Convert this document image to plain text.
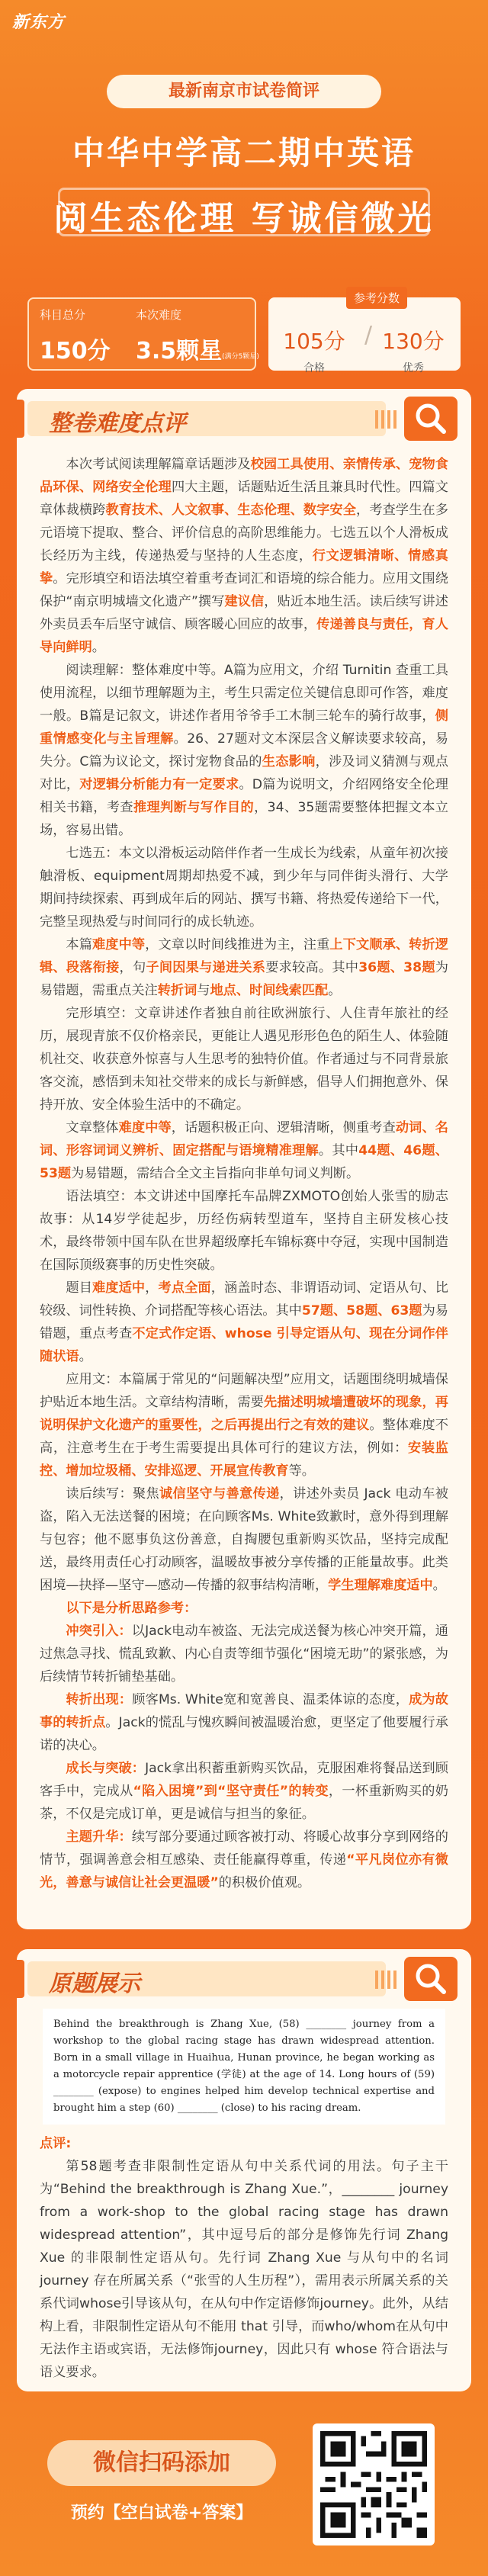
新东方
最新南京市试卷简评
中华中学高二期中英语
阅生态伦理 写诚信微光
科目总分
150分
本次难度
3.5颗星(满分5颗星)
105分
合格
130分
优秀
/
参考分数
整卷难度点评

本次考试阅读理解篇章话题涉及校园工具使用、亲情传承、宠物食品环保、网络安全伦理四大主题，话题贴近生活且兼具时代性。四篇文章体裁横跨教育技术、人文叙事、生态伦理、数字安全，考查学生在多元语境下提取、整合、评价信息的高阶思维能力。七选五以个人滑板成长经历为主线，传递热爱与坚持的人生态度，行文逻辑清晰、情感真挚。完形填空和语法填空着重考查词汇和语境的综合能力。应用文围绕保护“南京明城墙文化遗产”撰写建议信，贴近本地生活。读后续写讲述外卖员丢车后坚守诚信、顾客暖心回应的故事，传递善良与责任，育人导向鲜明。

阅读理解：整体难度中等。A篇为应用文，介绍 Turnitin 查重工具使用流程，以细节理解题为主，考生只需定位关键信息即可作答，难度一般。B篇是记叙文，讲述作者用爷爷手工木制三轮车的骑行故事，侧重情感变化与主旨理解。26、27题对文本深层含义解读要求较高，易失分。C篇为议论文，探讨宠物食品的生态影响，涉及词义猜测与观点对比，对逻辑分析能力有一定要求。D篇为说明文，介绍网络安全伦理相关书籍，考查推理判断与写作目的，34、35题需要整体把握文本立场，容易出错。

七选五：本文以滑板运动陪伴作者一生成长为线索，从童年初次接触滑板、equipment周期却热爱不减，到少年与同伴街头滑行、大学期间持续探索、再到成年后的网站、撰写书籍、将热爱传递给下一代，完整呈现热爱与时间同行的成长轨迹。

本篇难度中等，文章以时间线推进为主，注重上下文顺承、转折逻辑、段落衔接，句子间因果与递进关系要求较高。其中36题、38题为易错题，需重点关注转折词与地点、时间线索匹配。

完形填空：文章讲述作者独自前往欧洲旅行、人住青年旅社的经历，展现青旅不仅价格亲民，更能让人遇见形形色色的陌生人、体验随机社交、收获意外惊喜与人生思考的独特价值。作者通过与不同背景旅客交流，感悟到未知社交带来的成长与新鲜感，倡导人们拥抱意外、保持开放、安全体验生活中的不确定。

文章整体难度中等，话题积极正向、逻辑清晰，侧重考查动词、名词、形容词词义辨析、固定搭配与语境精准理解。其中44题、46题、53题为易错题，需结合全文主旨指向非单句词义判断。

语法填空：本文讲述中国摩托车品牌ZXMOTO创始人张雪的励志故事：从14岁学徒起步，历经伤病转型道车，坚持自主研发核心技术，最终带领中国车队在世界超级摩托车锦标赛中夺冠，实现中国制造在国际顶级赛事的历史性突破。

题目难度适中，考点全面，涵盖时态、非谓语动词、定语从句、比较级、词性转换、介词搭配等核心语法。其中57题、58题、63题为易错题，重点考查不定式作定语、whose 引导定语从句、现在分词作伴随状语。

应用文：本篇属于常见的“问题解决型”应用文，话题围绕明城墙保护贴近本地生活。文章结构清晰，需要先描述明城墙遭破坏的现象，再说明保护文化遗产的重要性，之后再提出行之有效的建议。整体难度不高，注意考生在于考生需要提出具体可行的建议方法，例如：安装监控、增加垃圾桶、安排巡逻、开展宣传教育等。

读后续写：聚焦诚信坚守与善意传递，讲述外卖员 Jack 电动车被盗，陷入无法送餐的困境；在向顾客Ms. White致歉时，意外得到理解与包容；他不愿事负这份善意，自掏腰包重新购买饮品，坚持完成配送，最终用责任心打动顾客，温暖故事被分享传播的正能量故事。此类困境—抉择—坚守—感动—传播的叙事结构清晰，学生理解难度适中。

以下是分析思路参考：

冲突引入：以Jack电动车被盗、无法完成送餐为核心冲突开篇，通过焦急寻找、慌乱致歉、内心自责等细节强化“困境无助”的紧张感，为后续情节转折铺垫基础。

转折出现：顾客Ms. White宽和宽善良、温柔体谅的态度，成为故事的转折点。Jack的慌乱与愧疚瞬间被温暖治愈，更坚定了他要履行承诺的决心。

成长与突破：Jack拿出积蓄重新购买饮品，克服困难将餐品送到顾客手中，完成从“陷入困境”到“坚守责任”的转变，一杯重新购买的奶茶，不仅是完成订单，更是诚信与担当的象征。

主题升华：续写部分要通过顾客被打动、将暖心故事分享到网络的情节，强调善意会相互感染、责任能赢得尊重，传递“平凡岗位亦有微光，善意与诚信让社会更温暖”的积极价值观。

原题展示
Behind the breakthrough is Zhang Xue, (58) ________ journey from a workshop to the global racing stage has drawn widespread attention. Born in a small village in Huaihua, Hunan province, he began working as a motorcycle repair apprentice (学徒) at the age of 14. Long hours of (59) ________ (expose) to engines helped him develop technical expertise and brought him a step (60) ________ (close) to his racing dream.
点评:

第58题考查非限制性定语从句中关系代词的用法。句子主干为“Behind the breakthrough is Zhang Xue.”，________ journey from a work-shop to the global racing stage has drawn widespread attention”，其中逗号后的部分是修饰先行词 Zhang Xue 的非限制性定语从句。先行词 Zhang Xue 与从句中的名词 journey 存在所属关系（“张雪的人生历程”），需用表示所属关系的关系代词whose引导该从句，在从句中作定语修饰journey。此外，从结构上看，非限制性定语从句不能用 that 引导，而who/whom在从句中无法作主语或宾语，无法修饰journey，因此只有 whose 符合语法与语义要求。

微信扫码添加
预约【空白试卷+答案】
